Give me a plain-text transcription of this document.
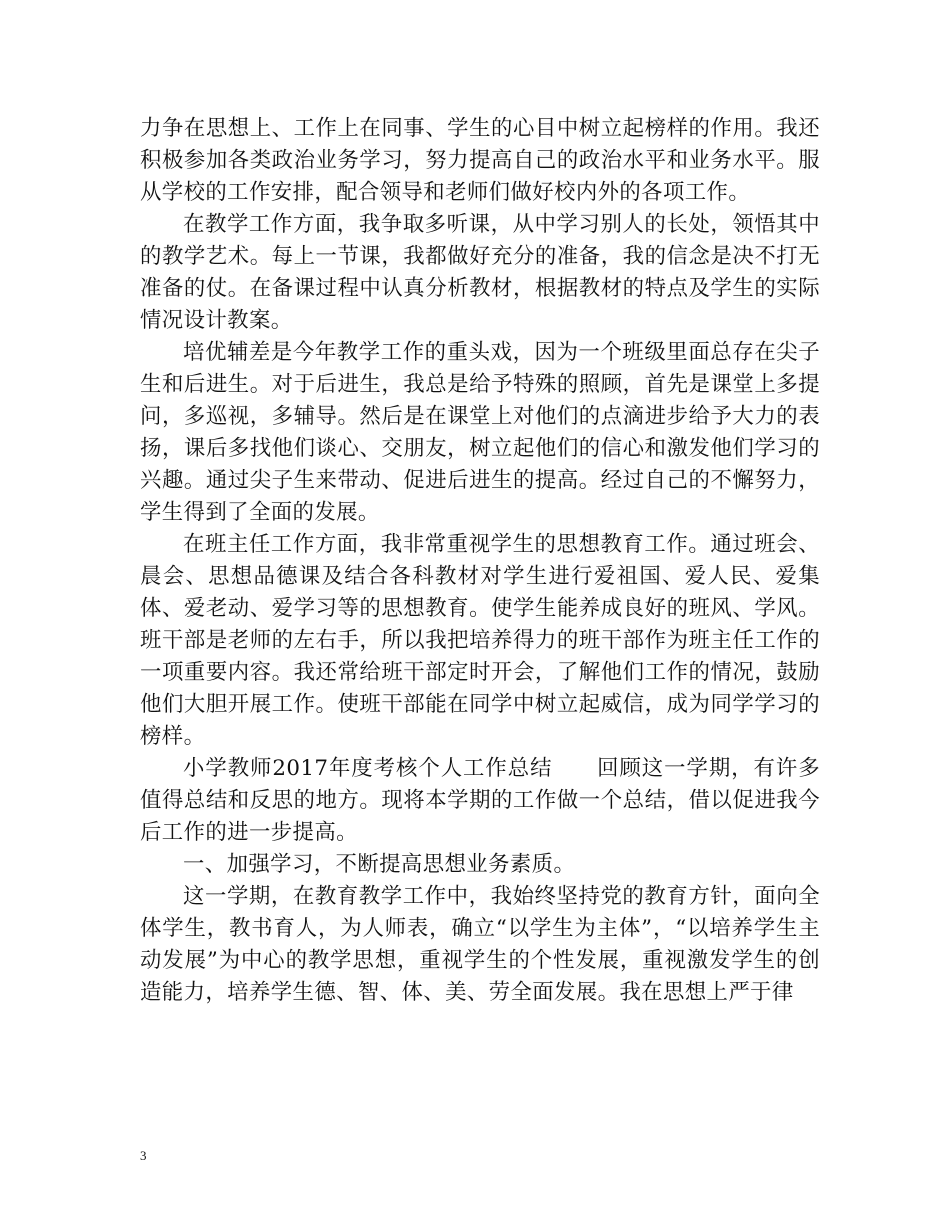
力争在思想上、工作上在同事、学生的心目中树立起榜样的作用。我还积极参加各类政治业务学习，努力提高自己的政治水平和业务水平。服从学校的工作安排，配合领导和老师们做好校内外的各项工作。

在教学工作方面，我争取多听课，从中学习别人的长处，领悟其中的教学艺术。每上一节课，我都做好充分的准备，我的信念是决不打无准备的仗。在备课过程中认真分析教材，根据教材的特点及学生的实际情况设计教案。

培优辅差是今年教学工作的重头戏，因为一个班级里面总存在尖子生和后进生。对于后进生，我总是给予特殊的照顾，首先是课堂上多提问，多巡视，多辅导。然后是在课堂上对他们的点滴进步给予大力的表扬，课后多找他们谈心、交朋友，树立起他们的信心和激发他们学习的兴趣。通过尖子生来带动、促进后进生的提高。经过自己的不懈努力，学生得到了全面的发展。

在班主任工作方面，我非常重视学生的思想教育工作。通过班会、晨会、思想品德课及结合各科教材对学生进行爱祖国、爱人民、爱集体、爱老动、爱学习等的思想教育。使学生能养成良好的班风、学风。班干部是老师的左右手，所以我把培养得力的班干部作为班主任工作的一项重要内容。我还常给班干部定时开会，了解他们工作的情况，鼓励他们大胆开展工作。使班干部能在同学中树立起威信，成为同学学习的榜样。

小学教师2017年度考核个人工作总结　　回顾这一学期，有许多值得总结和反思的地方。现将本学期的工作做一个总结，借以促进我今后工作的进一步提高。

一、加强学习，不断提高思想业务素质。

这一学期，在教育教学工作中，我始终坚持党的教育方针，面向全体学生，教书育人，为人师表，确立“以学生为主体”，“以培养学生主动发展”为中心的教学思想，重视学生的个性发展，重视激发学生的创造能力，培养学生德、智、体、美、劳全面发展。我在思想上严于律

3
